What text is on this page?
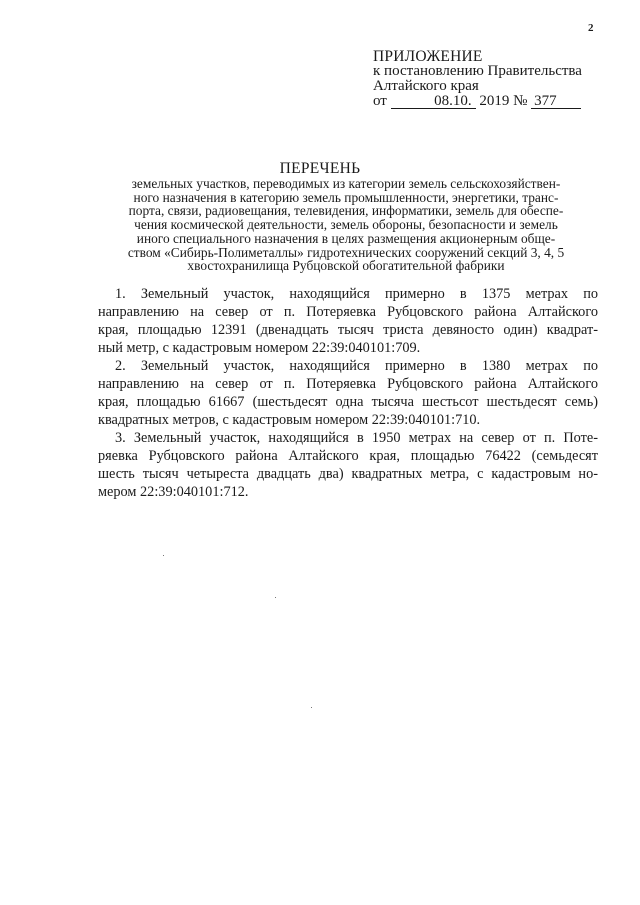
2
ПРИЛОЖЕНИЕ
к постановлению Правительства
Алтайского края
от	08.10. 2019 № 377
ПЕРЕЧЕНЬ
земельных участков, переводимых из категории земель сельскохозяйствен-
ного назначения в категорию земель промышленности, энергетики, транс-
порта, связи, радиовещания, телевидения, информатики, земель для обеспе-
чения космической деятельности, земель обороны, безопасности и земель
иного специального назначения в целях размещения акционерным обще-
ством «Сибирь-Полиметаллы» гидротехнических сооружений секций 3, 4, 5
хвостохранилища Рубцовской обогатительной фабрики
1. Земельный участок, находящийся примерно в 1375 метрах по
направлению на север от п. Потеряевка Рубцовского района Алтайского
края, площадью 12391 (двенадцать тысяч триста девяносто один) квадрат-
ный метр, с кадастровым номером 22:39:040101:709.
2. Земельный участок, находящийся примерно в 1380 метрах по
направлению на север от п. Потеряевка Рубцовского района Алтайского
края, площадью 61667 (шестьдесят одна тысяча шестьсот шестьдесят семь)
квадратных метров, с кадастровым номером 22:39:040101:710.
3. Земельный участок, находящийся в 1950 метрах на север от п. Поте-
ряевка Рубцовского района Алтайского края, площадью 76422 (семьдесят
шесть тысяч четыреста двадцать два) квадратных метра, с кадастровым но-
мером 22:39:040101:712.
